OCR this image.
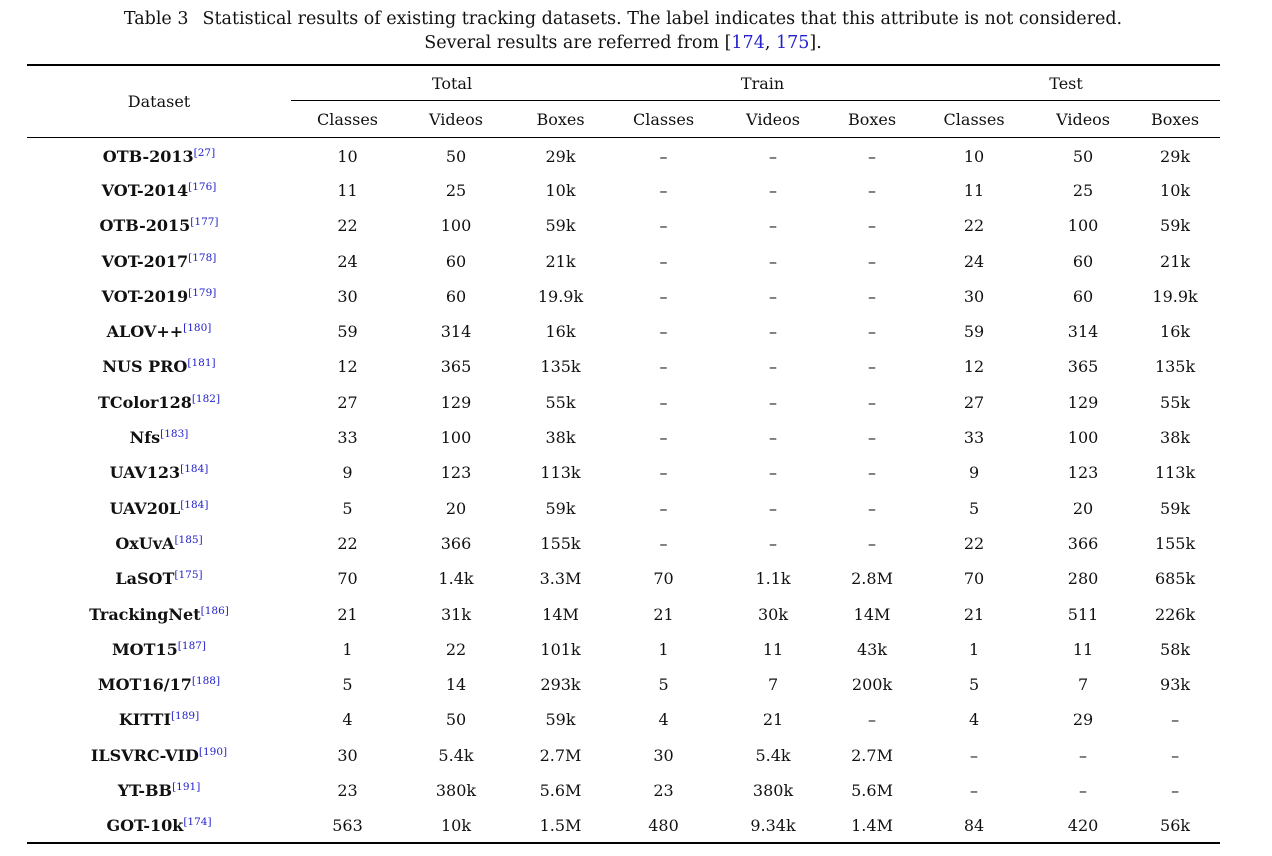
Table 3 Statistical results of existing tracking datasets. The label indicates that this attribute is not considered.
Several results are referred from [174, 175].
Dataset	Total			Train			Test		
	Classes	Videos	Boxes	Classes	Videos	Boxes	Classes	Videos	Boxes
OTB-2013[27]	10	50	29k	–	–	–	10	50	29k
VOT-2014[176]	11	25	10k	–	–	–	11	25	10k
OTB-2015[177]	22	100	59k	–	–	–	22	100	59k
VOT-2017[178]	24	60	21k	–	–	–	24	60	21k
VOT-2019[179]	30	60	19.9k	–	–	–	30	60	19.9k
ALOV++[180]	59	314	16k	–	–	–	59	314	16k
NUS PRO[181]	12	365	135k	–	–	–	12	365	135k
TColor128[182]	27	129	55k	–	–	–	27	129	55k
Nfs[183]	33	100	38k	–	–	–	33	100	38k
UAV123[184]	9	123	113k	–	–	–	9	123	113k
UAV20L[184]	5	20	59k	–	–	–	5	20	59k
OxUvA[185]	22	366	155k	–	–	–	22	366	155k
LaSOT[175]	70	1.4k	3.3M	70	1.1k	2.8M	70	280	685k
TrackingNet[186]	21	31k	14M	21	30k	14M	21	511	226k
MOT15[187]	1	22	101k	1	11	43k	1	11	58k
MOT16/17[188]	5	14	293k	5	7	200k	5	7	93k
KITTI[189]	4	50	59k	4	21	–	4	29	–
ILSVRC-VID[190]	30	5.4k	2.7M	30	5.4k	2.7M	–	–	–
YT-BB[191]	23	380k	5.6M	23	380k	5.6M	–	–	–
GOT-10k[174]	563	10k	1.5M	480	9.34k	1.4M	84	420	56k
